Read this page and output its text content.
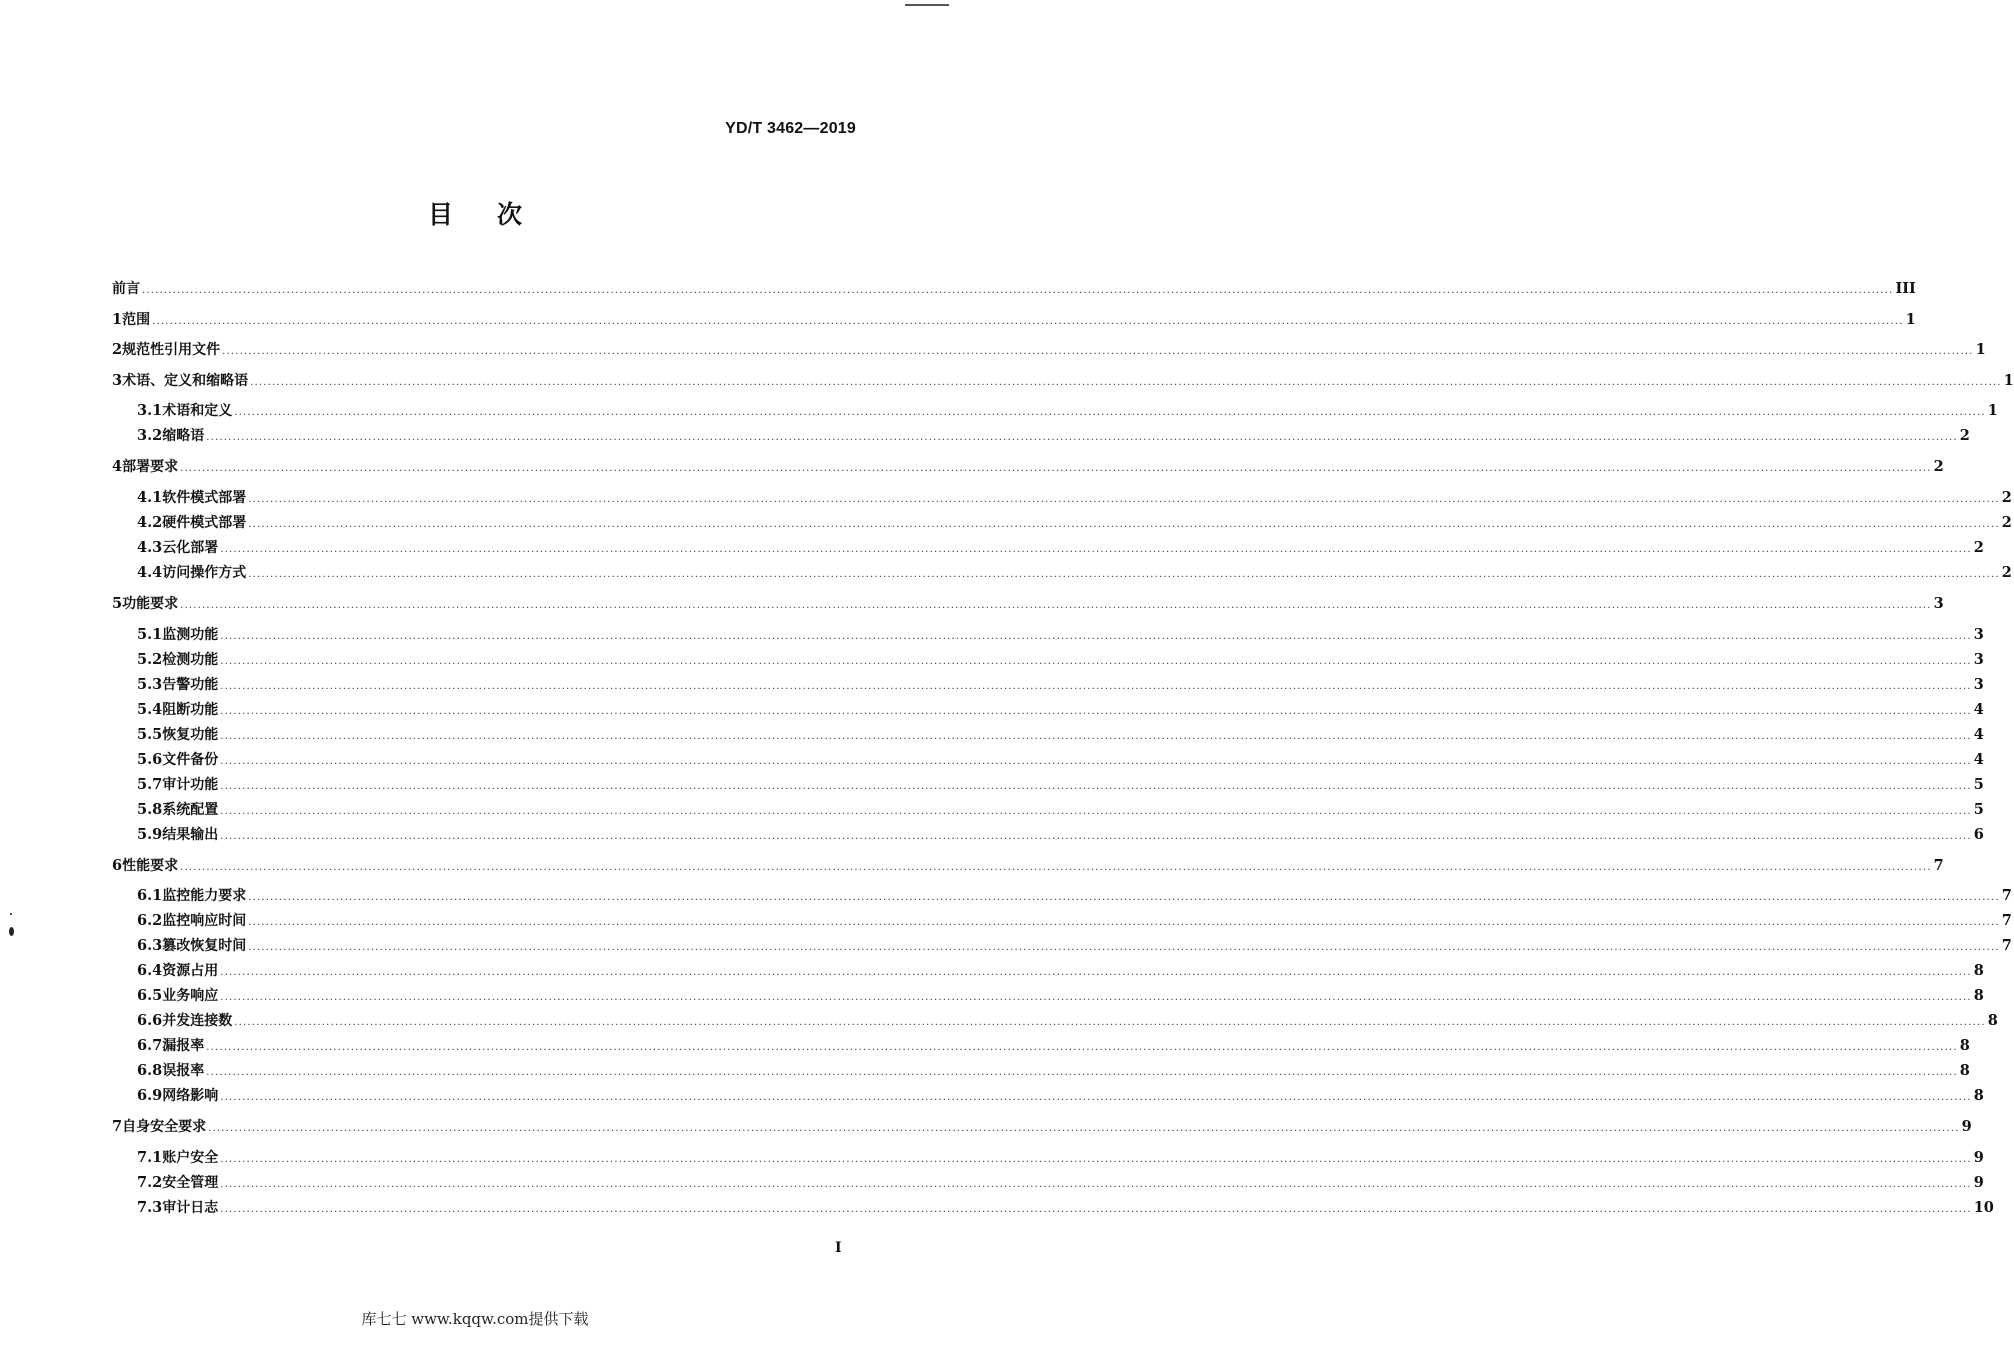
YD/T 3462—2019
目次
前言 ................................................................................................................................................................................................................................................................................................................................................................................................................ III
1 范围 ................................................................................................................................................................................................................................................................................................................................................................................................................ 1
2 规范性引用文件 ................................................................................................................................................................................................................................................................................................................................................................................................................ 1
3 术语、定义和缩略语 ................................................................................................................................................................................................................................................................................................................................................................................................................ 1
3.1 术语和定义 ................................................................................................................................................................................................................................................................................................................................................................................................................ 1
3.2 缩略语 ................................................................................................................................................................................................................................................................................................................................................................................................................ 2
4 部署要求 ................................................................................................................................................................................................................................................................................................................................................................................................................ 2
4.1 软件模式部署 ................................................................................................................................................................................................................................................................................................................................................................................................................ 2
4.2 硬件模式部署 ................................................................................................................................................................................................................................................................................................................................................................................................................ 2
4.3 云化部署 ................................................................................................................................................................................................................................................................................................................................................................................................................ 2
4.4 访问操作方式 ................................................................................................................................................................................................................................................................................................................................................................................................................ 2
5 功能要求 ................................................................................................................................................................................................................................................................................................................................................................................................................ 3
5.1 监测功能 ................................................................................................................................................................................................................................................................................................................................................................................................................ 3
5.2 检测功能 ................................................................................................................................................................................................................................................................................................................................................................................................................ 3
5.3 告警功能 ................................................................................................................................................................................................................................................................................................................................................................................................................ 3
5.4 阻断功能 ................................................................................................................................................................................................................................................................................................................................................................................................................ 4
5.5 恢复功能 ................................................................................................................................................................................................................................................................................................................................................................................................................ 4
5.6 文件备份 ................................................................................................................................................................................................................................................................................................................................................................................................................ 4
5.7 审计功能 ................................................................................................................................................................................................................................................................................................................................................................................................................ 5
5.8 系统配置 ................................................................................................................................................................................................................................................................................................................................................................................................................ 5
5.9 结果输出 ................................................................................................................................................................................................................................................................................................................................................................................................................ 6
6 性能要求 ................................................................................................................................................................................................................................................................................................................................................................................................................ 7
6.1 监控能力要求 ................................................................................................................................................................................................................................................................................................................................................................................................................ 7
6.2 监控响应时间 ................................................................................................................................................................................................................................................................................................................................................................................................................ 7
6.3 篡改恢复时间 ................................................................................................................................................................................................................................................................................................................................................................................................................ 7
6.4 资源占用 ................................................................................................................................................................................................................................................................................................................................................................................................................ 8
6.5 业务响应 ................................................................................................................................................................................................................................................................................................................................................................................................................ 8
6.6 并发连接数 ................................................................................................................................................................................................................................................................................................................................................................................................................ 8
6.7 漏报率 ................................................................................................................................................................................................................................................................................................................................................................................................................ 8
6.8 误报率 ................................................................................................................................................................................................................................................................................................................................................................................................................ 8
6.9 网络影响 ................................................................................................................................................................................................................................................................................................................................................................................................................ 8
7 自身安全要求 ................................................................................................................................................................................................................................................................................................................................................................................................................ 9
7.1 账户安全 ................................................................................................................................................................................................................................................................................................................................................................................................................ 9
7.2 安全管理 ................................................................................................................................................................................................................................................................................................................................................................................................................ 9
7.3 审计日志 ................................................................................................................................................................................................................................................................................................................................................................................................................ 10
I
库七七 www.kqqw.com提供下载
